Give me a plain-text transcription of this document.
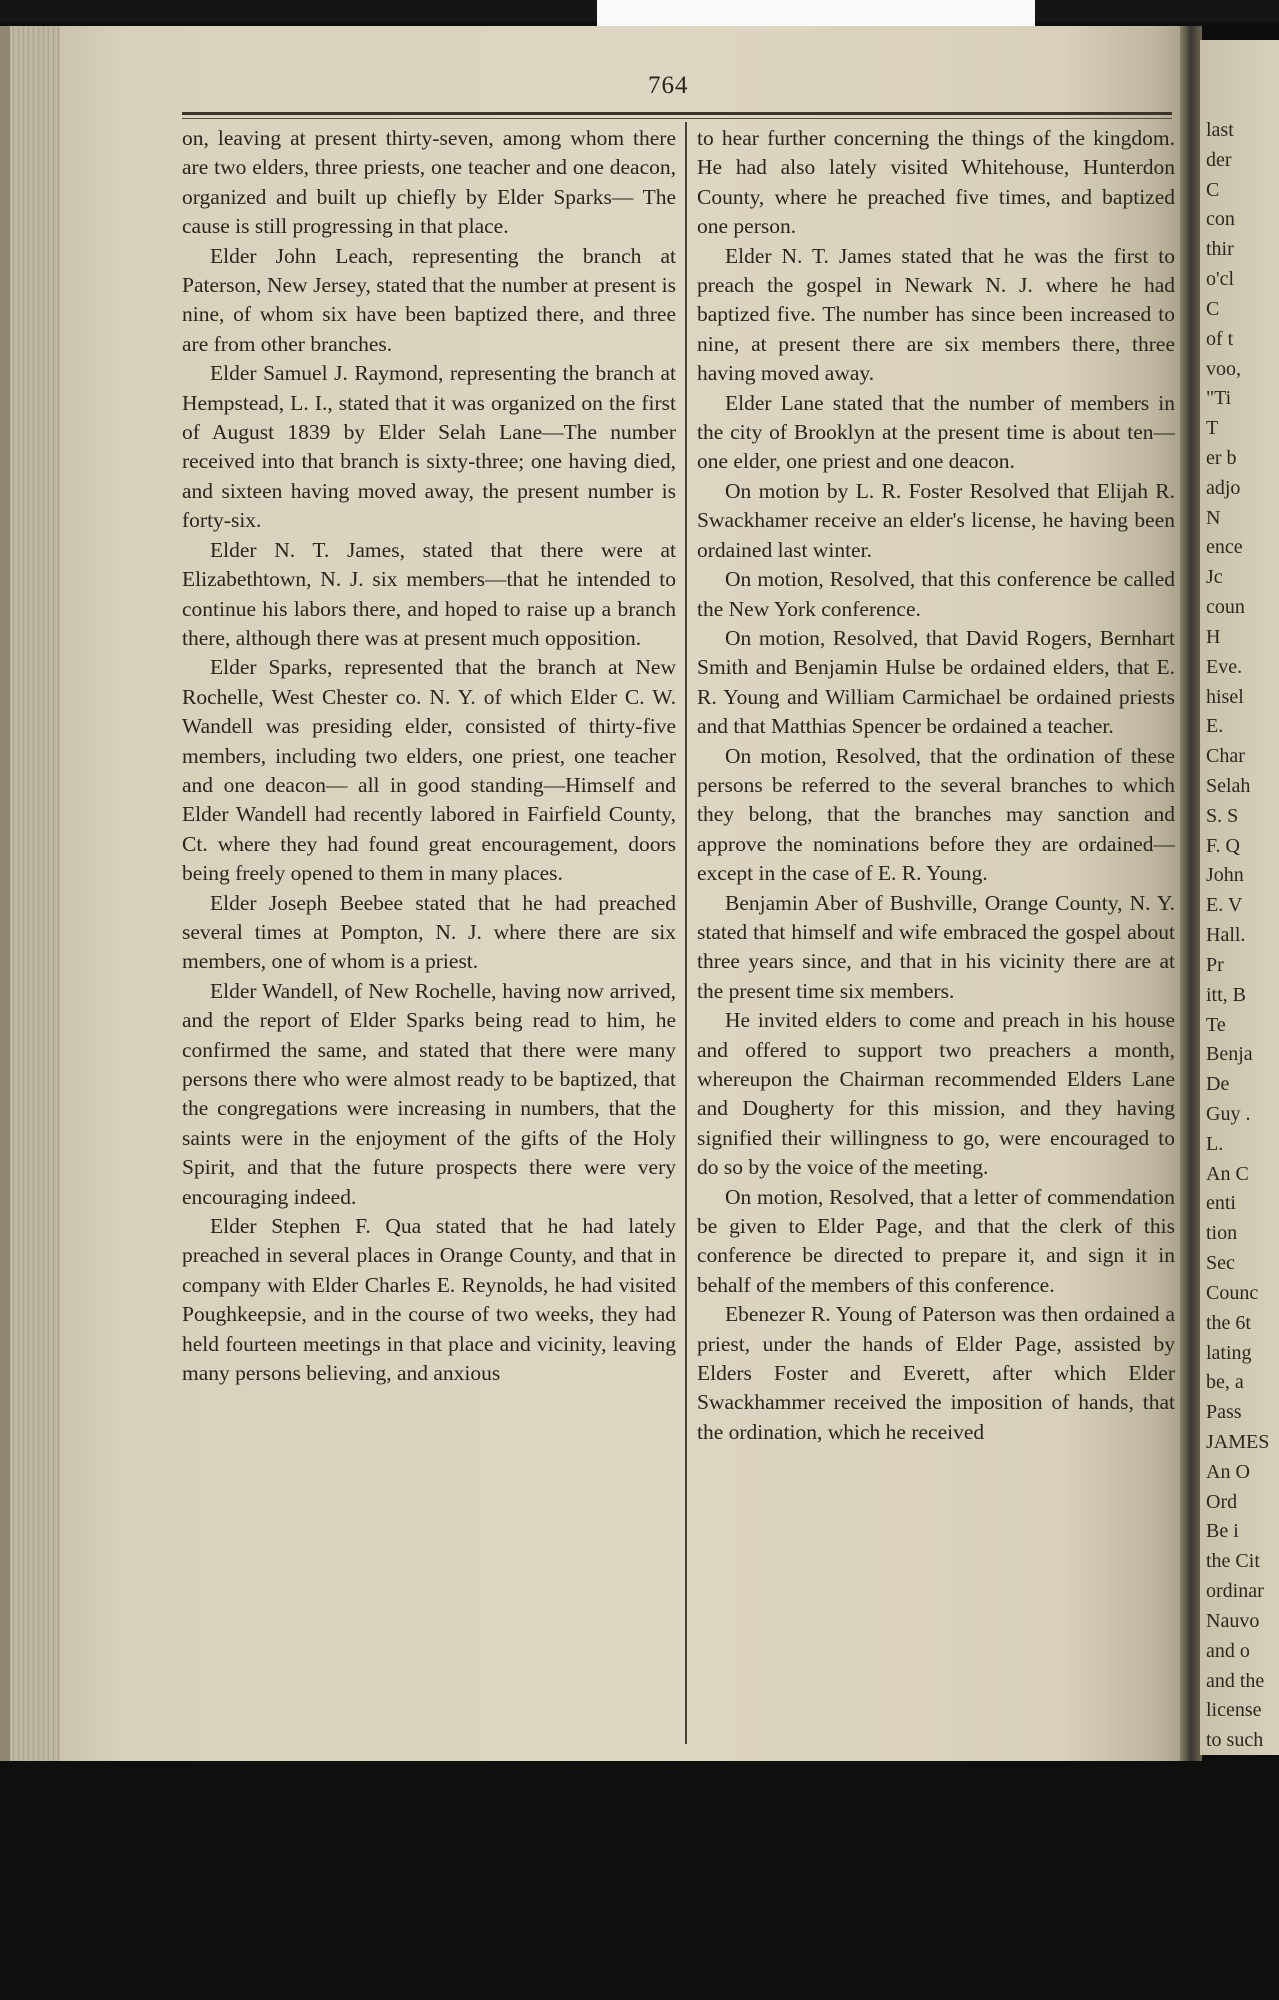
last
der
C
con
thir
o'cl
C
of t
voo,
"Ti
T
er b
adjo
N
ence
Jc
coun
H
Eve.
hisel
E.
Char
Selah
S. S
F. Q
John
E. V
Hall.
Pr
itt, B
Te
Benja
De
Guy .
L.
An C
enti
tion
Sec
Counc
the 6t
lating
be, a
Pass
JAMES
An O
Ord
Be i
the Cit
ordinar
Nauvo
and o
and the
license
to such
764

on, leaving at present thirty-seven, among whom there are two elders, three priests, one teacher and one deacon, organized and built up chiefly by Elder Sparks— The cause is still progressing in that place.

Elder John Leach, representing the branch at Paterson, New Jersey, stated that the number at present is nine, of whom six have been baptized there, and three are from other branches.

Elder Samuel J. Raymond, representing the branch at Hempstead, L. I., stated that it was organized on the first of August 1839 by Elder Selah Lane—The number received into that branch is sixty-three; one having died, and sixteen having moved away, the present number is forty-six.

Elder N. T. James, stated that there were at Elizabethtown, N. J. six members—that he intended to continue his labors there, and hoped to raise up a branch there, although there was at present much opposition.

Elder Sparks, represented that the branch at New Rochelle, West Chester co. N. Y. of which Elder C. W. Wandell was presiding elder, consisted of thirty-five members, including two elders, one priest, one teacher and one deacon— all in good standing—Himself and Elder Wandell had recently labored in Fairfield County, Ct. where they had found great encouragement, doors being freely opened to them in many places.

Elder Joseph Beebee stated that he had preached several times at Pompton, N. J. where there are six members, one of whom is a priest.

Elder Wandell, of New Rochelle, having now arrived, and the report of Elder Sparks being read to him, he confirmed the same, and stated that there were many persons there who were almost ready to be baptized, that the congregations were increasing in numbers, that the saints were in the enjoyment of the gifts of the Holy Spirit, and that the future prospects there were very encouraging indeed.

Elder Stephen F. Qua stated that he had lately preached in several places in Orange County, and that in company with Elder Charles E. Reynolds, he had visited Poughkeepsie, and in the course of two weeks, they had held fourteen meetings in that place and vicinity, leaving many persons believing, and anxious

to hear further concerning the things of the kingdom. He had also lately visited Whitehouse, Hunterdon County, where he preached five times, and baptized one person.

Elder N. T. James stated that he was the first to preach the gospel in Newark N. J. where he had baptized five. The number has since been increased to nine, at present there are six members there, three having moved away.

Elder Lane stated that the number of members in the city of Brooklyn at the present time is about ten—one elder, one priest and one deacon.

On motion by L. R. Foster Resolved that Elijah R. Swackhamer receive an elder's license, he having been ordained last winter.

On motion, Resolved, that this conference be called the New York conference.

On motion, Resolved, that David Rogers, Bernhart Smith and Benjamin Hulse be ordained elders, that E. R. Young and William Carmichael be ordained priests and that Matthias Spencer be ordained a teacher.

On motion, Resolved, that the ordination of these persons be referred to the several branches to which they belong, that the branches may sanction and approve the nominations before they are ordained—except in the case of E. R. Young.

Benjamin Aber of Bushville, Orange County, N. Y. stated that himself and wife embraced the gospel about three years since, and that in his vicinity there are at the present time six members.

He invited elders to come and preach in his house and offered to support two preachers a month, whereupon the Chairman recommended Elders Lane and Dougherty for this mission, and they having signified their willingness to go, were encouraged to do so by the voice of the meeting.

On motion, Resolved, that a letter of commendation be given to Elder Page, and that the clerk of this conference be directed to prepare it, and sign it in behalf of the members of this conference.

Ebenezer R. Young of Paterson was then ordained a priest, under the hands of Elder Page, assisted by Elders Foster and Everett, after which Elder Swackhammer received the imposition of hands, that the ordination, which he received
